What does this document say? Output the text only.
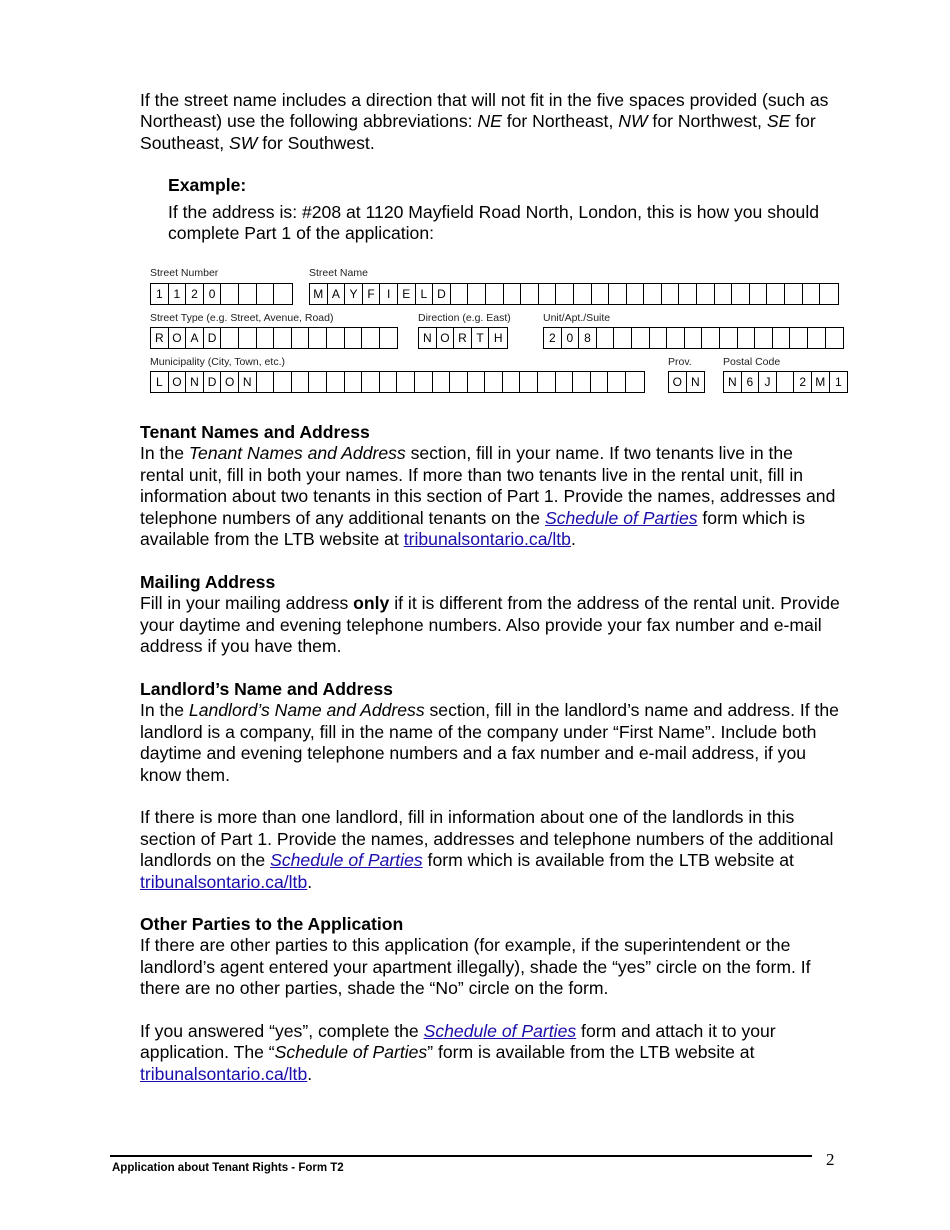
If the street name includes a direction that will not fit in the five spaces provided (such as Northeast) use the following abbreviations: NE for Northeast, NW for Northwest, SE for Southeast, SW for Southwest.

Example:

If the address is: #208 at 1120 Mayfield Road North, London, this is how you should complete Part 1 of the application:

Tenant Names and Address

In the Tenant Names and Address section, fill in your name. If two tenants live in the rental unit, fill in both your names. If more than two tenants live in the rental unit, fill in information about two tenants in this section of Part 1. Provide the names, addresses and telephone numbers of any additional tenants on the Schedule of Parties form which is available from the LTB website at tribunalsontario.ca/ltb.

Mailing Address

Fill in your mailing address only if it is different from the address of the rental unit. Provide your daytime and evening telephone numbers. Also provide your fax number and e-mail address if you have them.

Landlord’s Name and Address

In the Landlord’s Name and Address section, fill in the landlord’s name and address. If the landlord is a company, fill in the name of the company under “First Name”. Include both daytime and evening telephone numbers and a fax number and e-mail address, if you know them.

If there is more than one landlord, fill in information about one of the landlords in this section of Part 1. Provide the names, addresses and telephone numbers of the additional landlords on the Schedule of Parties form which is available from the LTB website at tribunalsontario.ca/ltb.

Other Parties to the Application

If there are other parties to this application (for example, if the superintendent or the landlord’s agent entered your apartment illegally), shade the “yes” circle on the form. If there are no other parties, shade the “No” circle on the form.

If you answered “yes”, complete the Schedule of Parties form and attach it to your application. The “Schedule of Parties” form is available from the LTB website at tribunalsontario.ca/ltb.

Street Number
1 1 2 0
Street Name
M A Y F	I E L D
Street Type (e.g. Street, Avenue, Road)
R O A D
Direction (e.g. East)
N O R T H
Unit/Apt./Suite
2 0 8
Municipality (City, Town, etc.)
L O N D O N
Prov.
O N
Postal Code
N 6 J	2 M 1
Application about Tenant Rights - Form T2	2
